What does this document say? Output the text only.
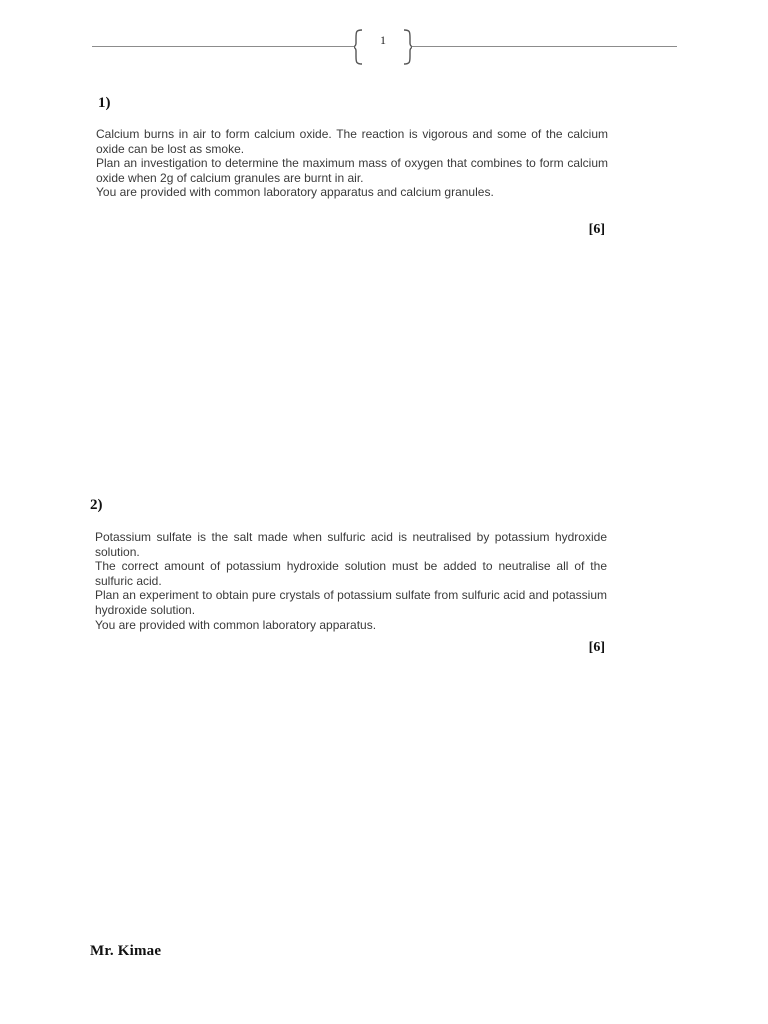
1
1)

Calcium burns in air to form calcium oxide. The reaction is vigorous and some of the calcium oxide can be lost as smoke.

Plan an investigation to determine the maximum mass of oxygen that combines to form calcium oxide when 2g of calcium granules are burnt in air.

You are provided with common laboratory apparatus and calcium granules.

[6]
2)

Potassium sulfate is the salt made when sulfuric acid is neutralised by potassium hydroxide solution.

The correct amount of potassium hydroxide solution must be added to neutralise all of the sulfuric acid.

Plan an experiment to obtain pure crystals of potassium sulfate from sulfuric acid and potassium hydroxide solution.

You are provided with common laboratory apparatus.

[6]
Mr. Kimae
